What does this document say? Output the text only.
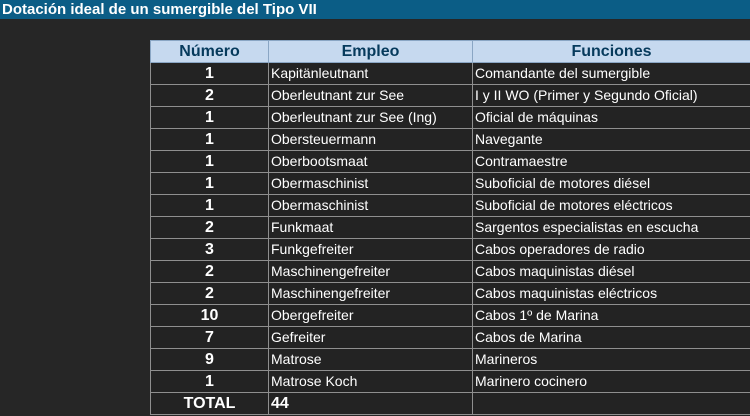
Dotación ideal de un sumergible del Tipo VII
Número	Empleo	Funciones
1	Kapitänleutnant	Comandante del sumergible
2	Oberleutnant zur See	I y II WO (Primer y Segundo Oficial)
1	Oberleutnant zur See (Ing)	Oficial de máquinas
1	Obersteuermann	Navegante
1	Oberbootsmaat	Contramaestre
1	Obermaschinist	Suboficial de motores diésel
1	Obermaschinist	Suboficial de motores eléctricos
2	Funkmaat	Sargentos especialistas en escucha
3	Funkgefreiter	Cabos operadores de radio
2	Maschinengefreiter	Cabos maquinistas diésel
2	Maschinengefreiter	Cabos maquinistas eléctricos
10	Obergefreiter	Cabos 1º de Marina
7	Gefreiter	Cabos de Marina
9	Matrose	Marineros
1	Matrose Koch	Marinero cocinero
TOTAL	44	
